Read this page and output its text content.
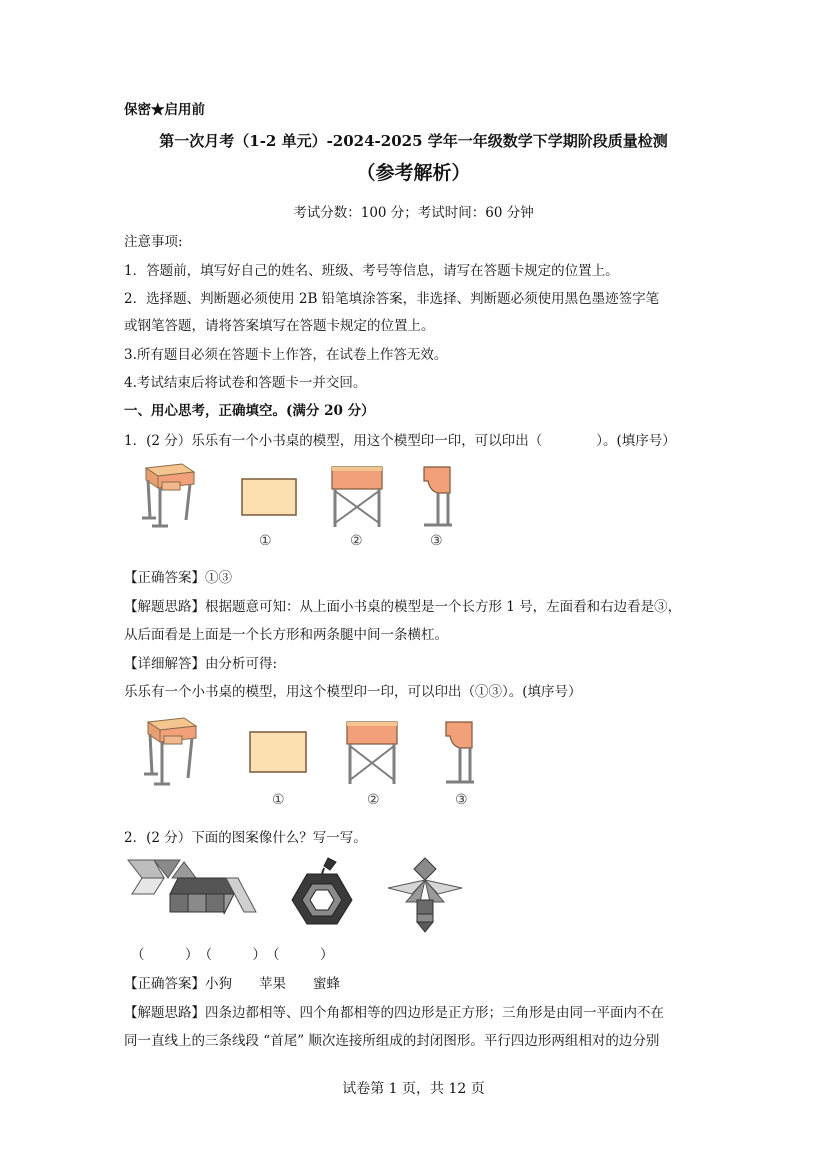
保密★启用前
第一次月考（1-2 单元）-2024-2025 学年一年级数学下学期阶段质量检测
（参考解析）
考试分数：100 分；考试时间：60 分钟
注意事项:
1．答题前，填写好自己的姓名、班级、考号等信息，请写在答题卡规定的位置上。
2．选择题、判断题必须使用 2B 铅笔填涂答案，非选择、判断题必须使用黑色墨迹签字笔
或钢笔答题，请将答案填写在答题卡规定的位置上。
3.所有题目必须在答题卡上作答，在试卷上作答无效。
4.考试结束后将试卷和答题卡一并交回。
一、用心思考，正确填空。(满分 20 分）
1．(2 分）乐乐有一个小书桌的模型，用这个模型印一印，可以印出（　　　　）。(填序号）
①	②	③
【正确答案】①③
【解题思路】根据题意可知：从上面小书桌的模型是一个长方形 1 号，左面看和右边看是③，
从后面看是上面是一个长方形和两条腿中间一条横杠。
【详细解答】由分析可得:
乐乐有一个小书桌的模型，用这个模型印一印，可以印出（①③）。(填序号）
①	②	③
2．(2 分）下面的图案像什么？写一写。
（　　　）　（　　　）　（　　　）
【正确答案】小狗　　苹果　　蜜蜂
【解题思路】四条边都相等、四个角都相等的四边形是正方形；三角形是由同一平面内不在
同一直线上的三条线段 “首尾” 顺次连接所组成的封闭图形。平行四边形两组相对的边分别
试卷第 1 页，共 12 页
